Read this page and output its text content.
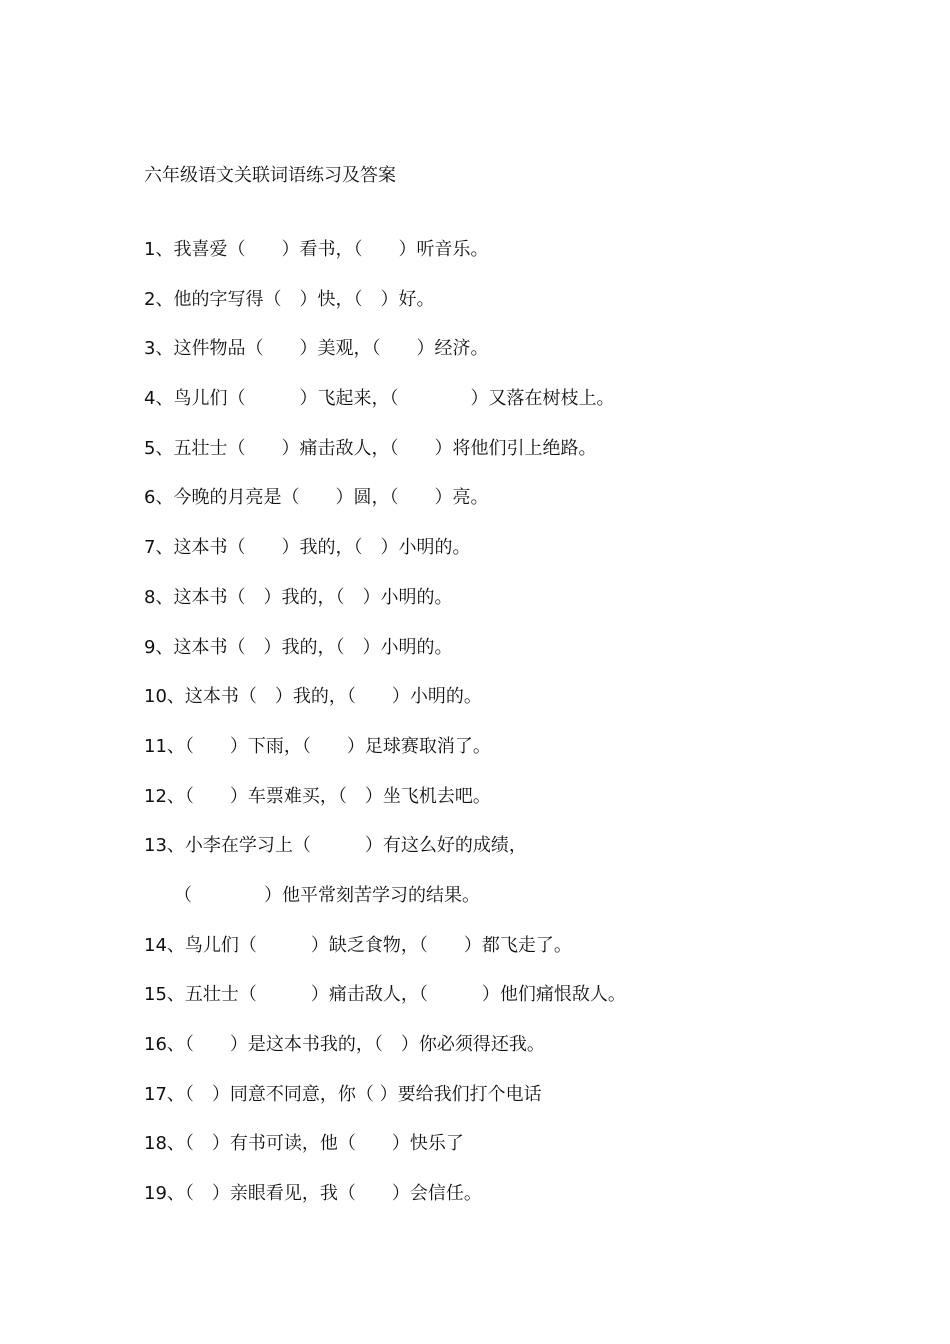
六年级语文关联词语练习及答案
1、我喜爱（　　）看书，（　　）听音乐。
2、他的字写得（　）快，（　）好。
3、这件物品（　　）美观，（　　）经济。
4、鸟儿们（　　　）飞起来，（　　　　）又落在树枝上。
5、五壮士（　　）痛击敌人，（　　）将他们引上绝路。
6、今晚的月亮是（　　）圆，（　　）亮。
7、这本书（　　）我的，（　）小明的。
8、这本书（　）我的，（　）小明的。
9、这本书（　）我的，（　）小明的。
10、这本书（　）我的，（　　）小明的。
11、（　　）下雨，（　　）足球赛取消了。
12、（　　）车票难买，（　）坐飞机去吧。
13、小李在学习上（　　　）有这么好的成绩，
（　　　　）他平常刻苦学习的结果。
14、鸟儿们（　　　）缺乏食物，（　　）都飞走了。
15、五壮士（　　　）痛击敌人，（　　　）他们痛恨敌人。
16、（　　）是这本书我的，（　）你必须得还我。
17、（　）同意不同意，你（ ）要给我们打个电话
18、（　）有书可读，他（　　）快乐了
19、（　）亲眼看见，我（　　）会信任。
